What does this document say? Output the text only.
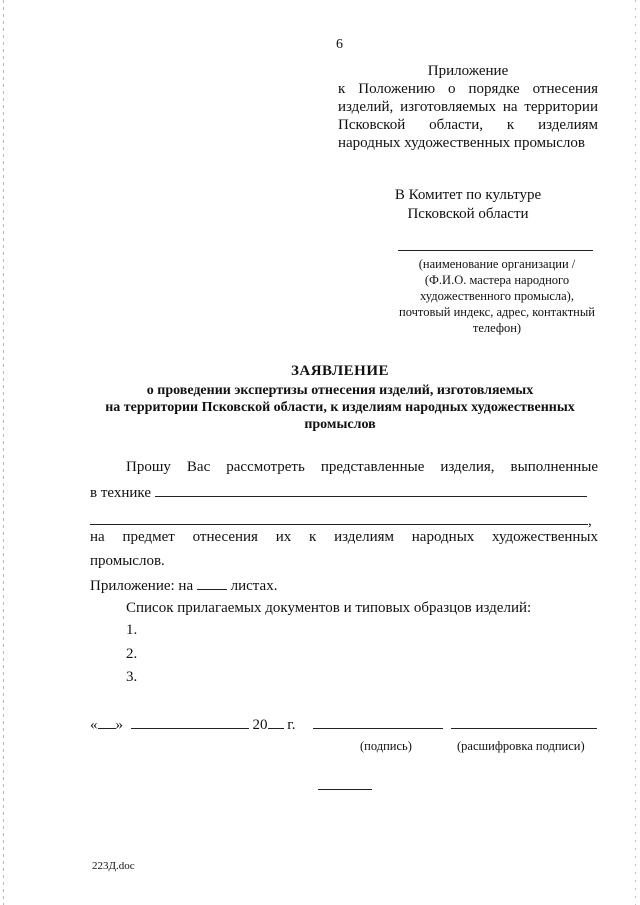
6
Приложение
к Положению о порядке отнесения
изделий, изготовляемых на территории
Псковской области, к изделиям
народных художественных промыслов
В Комитет по культуре
Псковской области
(наименование организации /
(Ф.И.О. мастера народного
художественного промысла),
почтовый индекс, адрес, контактный
телефон)
ЗАЯВЛЕНИЕ
о проведении экспертизы отнесения изделий, изготовляемых
на территории Псковской области, к изделиям народных художественных
промыслов
Прошу Вас рассмотреть представленные изделия, выполненные
в технике
,
на предмет отнесения их к изделиям народных художественных
промыслов.
Приложение: на	листах.
Список прилагаемых документов и типовых образцов изделий:
1.
2.
3.
« »	20 г.
(подпись)	(расшифровка подписи)
223Д.doc
